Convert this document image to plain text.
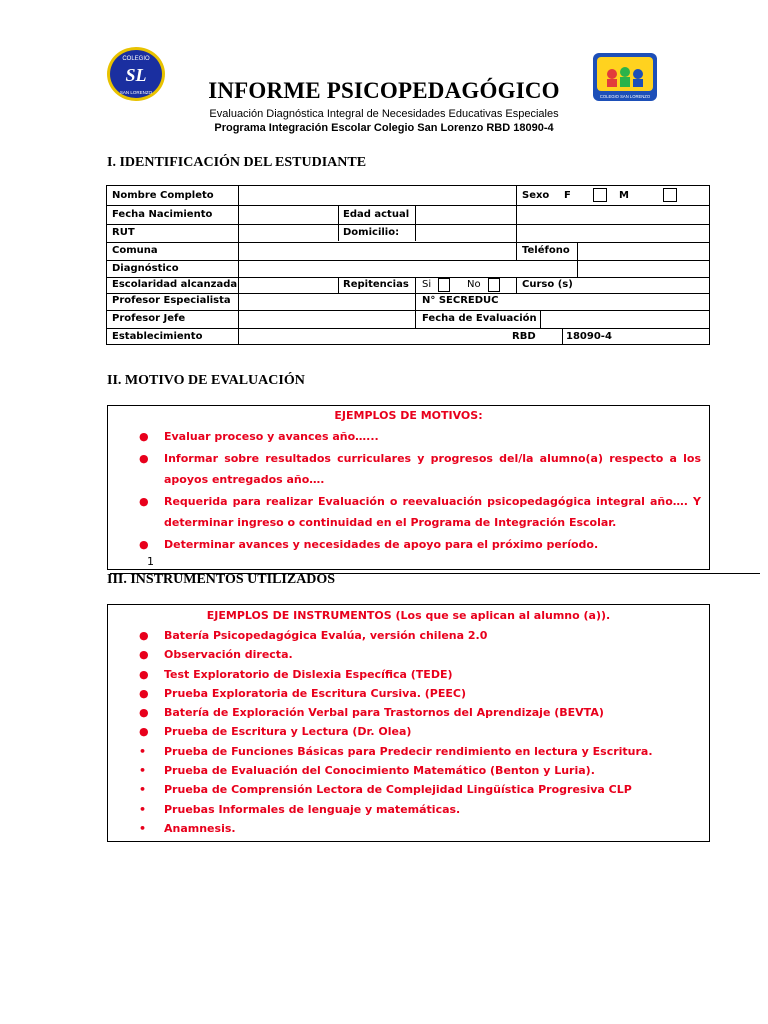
COLEGIO
SL
SAN LORENZO
COLEGIO SAN LORENZO
INFORME PSICOPEDAGÓGICO
Evaluación Diagnóstica Integral de Necesidades Educativas Especiales
Programa Integración Escolar Colegio San Lorenzo RBD 18090-4
I. IDENTIFICACIÓN DEL ESTUDIANTE
Nombre Completo	Sexo F	M
Fecha Nacimiento	Edad actual
RUT	Domicilio:
Comuna	Teléfono
Diagnóstico
Escolaridad alcanzada	Repitencias Si	No	Curso (s)
Profesor Especialista	N° SECREDUC
Profesor Jefe	Fecha de Evaluación
Establecimiento	RBD	18090-4
II. MOTIVO DE EVALUACIÓN
EJEMPLOS DE MOTIVOS:
● Evaluar proceso y avances año…...
● Informar sobre resultados curriculares y progresos del/la alumno(a) respecto a los apoyos entregados año….
● Requerida para realizar Evaluación o reevaluación psicopedagógica integral año…. Y determinar ingreso o continuidad en el Programa de Integración Escolar.
● Determinar avances y necesidades de apoyo para el próximo período.
1
III. INSTRUMENTOS UTILIZADOS
EJEMPLOS DE INSTRUMENTOS (Los que se aplican al alumno (a)).
● Batería Psicopedagógica Evalúa, versión chilena 2.0
● Observación directa.
● Test Exploratorio de Dislexia Específica (TEDE)
● Prueba Exploratoria de Escritura Cursiva. (PEEC)
● Batería de Exploración Verbal para Trastornos del Aprendizaje (BEVTA)
● Prueba de Escritura y Lectura (Dr. Olea)
• Prueba de Funciones Básicas para Predecir rendimiento en lectura y Escritura.
• Prueba de Evaluación del Conocimiento Matemático (Benton y Luria).
• Prueba de Comprensión Lectora de Complejidad Lingüística Progresiva CLP
• Pruebas Informales de lenguaje y matemáticas.
• Anamnesis.
